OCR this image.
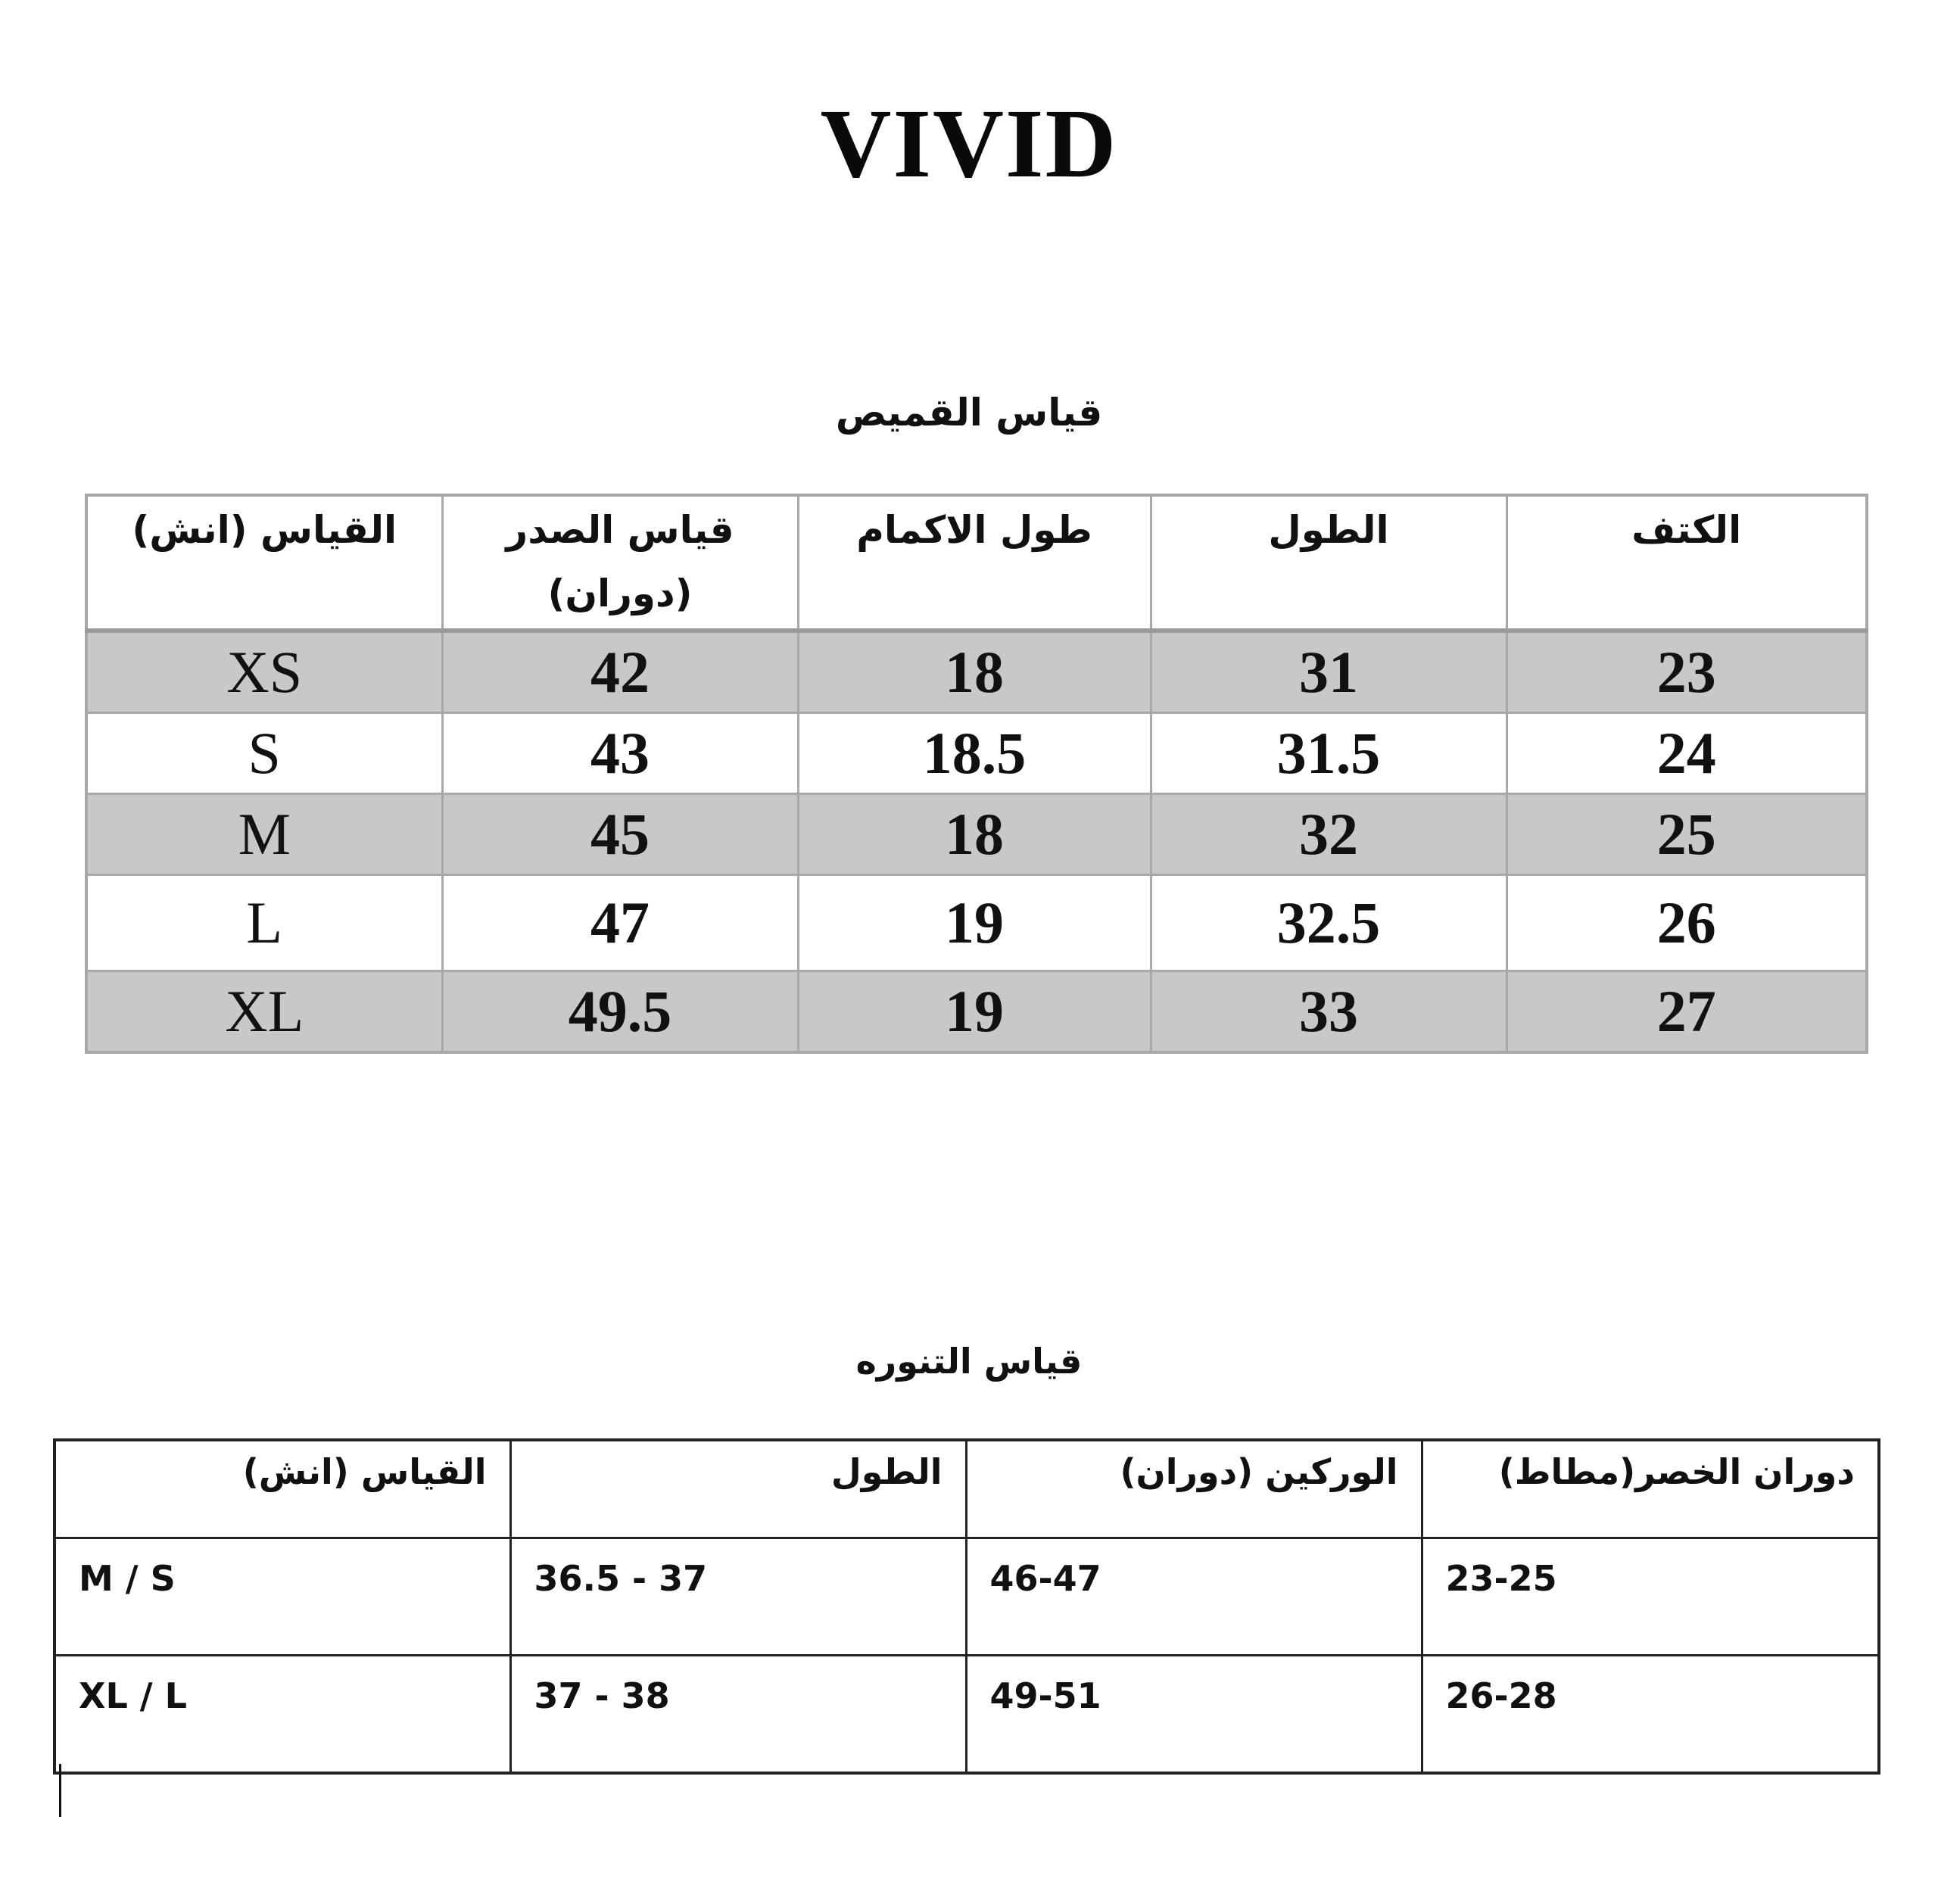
VIVID
قياس القميص
القياس (انش)	قياس الصدر (دوران)	طول الاكمام	الطول	الكتف
XS	42	18	31	23
S	43	18.5	31.5	24
M	45	18	32	25
L	47	19	32.5	26
XL	49.5	19	33	27
قياس التنوره
القياس (انش)	الطول	الوركين (دوران)	دوران الخصر(مطاط)
M / S	36.5 - 37	46-47	23-25
XL / L	37 - 38	49-51	26-28
